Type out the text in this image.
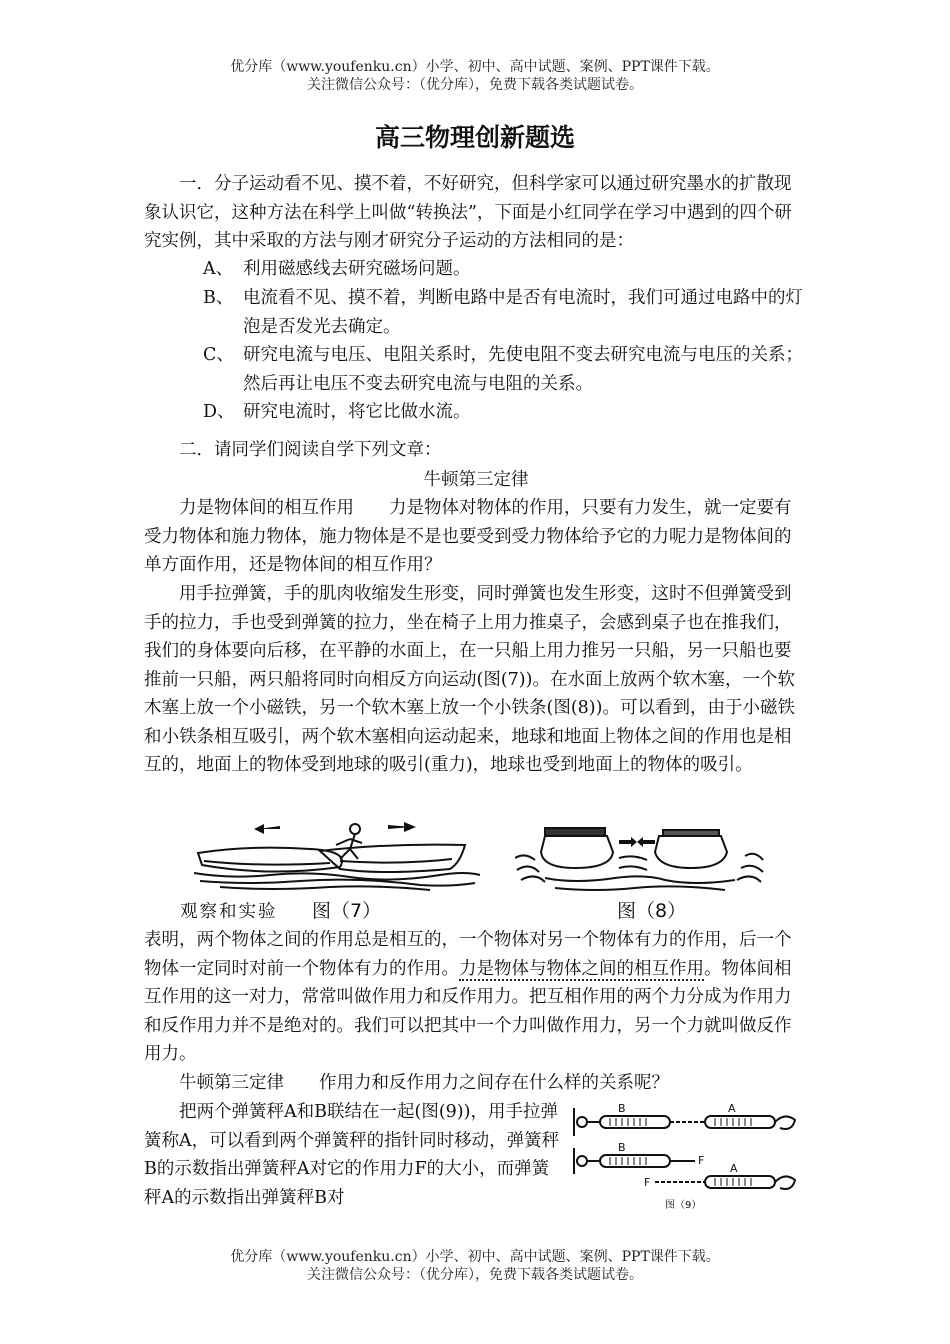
优分库（www.youfenku.cn）小学、初中、高中试题、案例、PPT课件下载。
关注微信公众号：（优分库），免费下载各类试题试卷。
高三物理创新题选

一．分子运动看不见、摸不着，不好研究，但科学家可以通过研究墨水的扩散现象认识它，这种方法在科学上叫做“转换法”，下面是小红同学在学习中遇到的四个研究实例，其中采取的方法与刚才研究分子运动的方法相同的是：

A、 利用磁感线去研究磁场问题。
B、 电流看不见、摸不着，判断电路中是否有电流时，我们可通过电路中的灯泡是否发光去确定。
C、 研究电流与电压、电阻关系时，先使电阻不变去研究电流与电压的关系；然后再让电压不变去研究电流与电阻的关系。
D、 研究电流时，将它比做水流。

二．请同学们阅读自学下列文章：

牛顿第三定律

力是物体间的相互作用　　力是物体对物体的作用，只要有力发生，就一定要有受力物体和施力物体，施力物体是不是也要受到受力物体给予它的力呢力是物体间的单方面作用，还是物体间的相互作用？

用手拉弹簧，手的肌肉收缩发生形变，同时弹簧也发生形变，这时不但弹簧受到手的拉力，手也受到弹簧的拉力，坐在椅子上用力推桌子，会感到桌子也在推我们，我们的身体要向后移，在平静的水面上，在一只船上用力推另一只船，另一只船也要推前一只船，两只船将同时向相反方向运动(图(7))。在水面上放两个软木塞，一个软木塞上放一个小磁铁，另一个软木塞上放一个小铁条(图(8))。可以看到，由于小磁铁和小铁条相互吸引，两个软木塞相向运动起来，地球和地面上物体之间的作用也是相互的，地面上的物体受到地球的吸引(重力)，地球也受到地面上的物体的吸引。

观察和实验 图（7）	图（8）

表明，两个物体之间的作用总是相互的，一个物体对另一个物体有力的作用，后一个物体一定同时对前一个物体有力的作用。力是物体与物体之间的相互作用。物体间相互作用的这一对力，常常叫做作用力和反作用力。把互相作用的两个力分成为作用力和反作用力并不是绝对的。我们可以把其中一个力叫做作用力，另一个力就叫做反作用力。

牛顿第三定律　　作用力和反作用力之间存在什么样的关系呢？

把两个弹簧秤A和B联结在一起(图(9))，用手拉弹簧称A，可以看到两个弹簧秤的指针同时移动，弹簧秤B的示数指出弹簧秤A对它的作用力F的大小，而弹簧秤A的示数指出弹簧秤B对

B	A
B
F
F
A
图（9）
优分库（www.youfenku.cn）小学、初中、高中试题、案例、PPT课件下载。
关注微信公众号：（优分库），免费下载各类试题试卷。
